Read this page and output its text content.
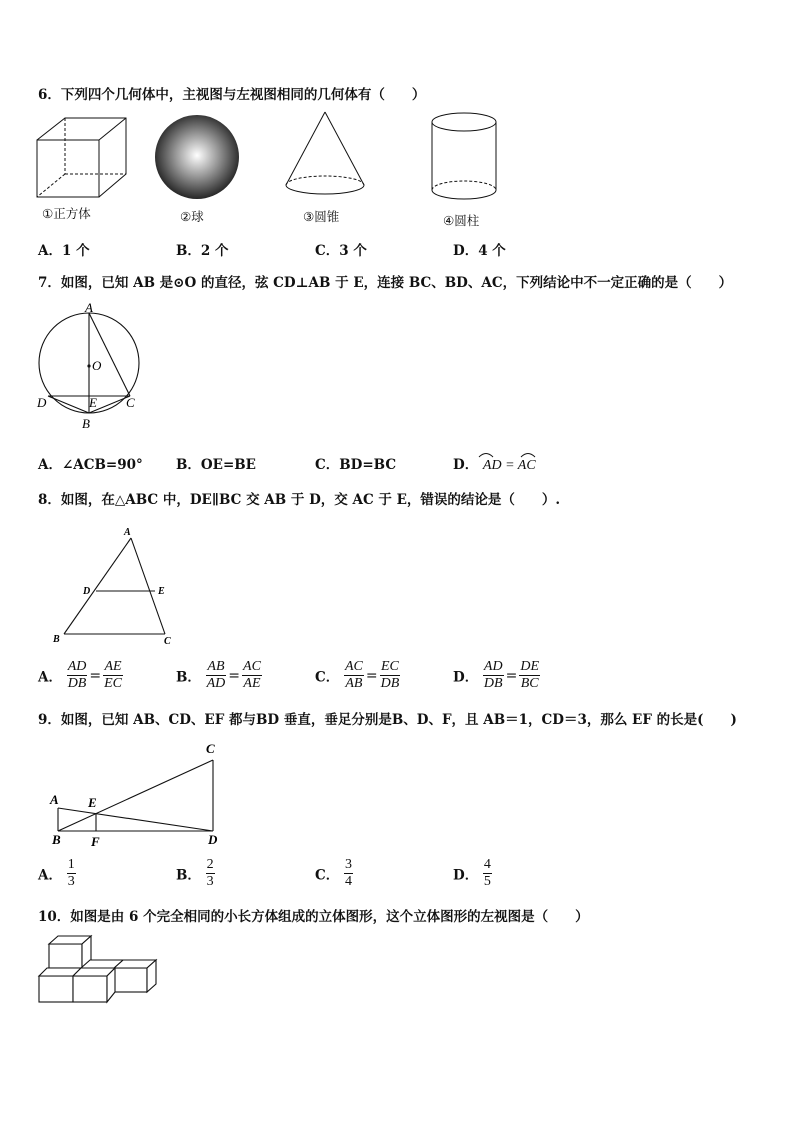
6．下列四个几何体中，主视图与左视图相同的几何体有（　　）
①正方体	②球	③圆锥	④圆柱
A．1 个	B．2 个	C．3 个	D．4 个
7．如图，已知 AB 是⊙O 的直径，弦 CD⊥AB 于 E，连接 BC、BD、AC，下列结论中不一定正确的是（　　）
A
O
D	E C
B
A．∠ACB=90° B．OE=BE	C．BD=BC	D． AD = AC
8．如图，在△ABC 中，DE∥BC 交 AB 于 D，交 AC 于 E，错误的结论是（　　）.
A
D	E
B	C
A． $\frac{AD}{DB} = \frac{AE}{EC}$	B． $\frac{AB}{AD} = \frac{AC}{AE}$	C． $\frac{AC}{AB} = \frac{EC}{DB}$	D． $\frac{AD}{DB} = \frac{DE}{BC}$
9．如图，已知 AB、CD、EF 都与BD 垂直，垂足分别是B、D、F，且 AB＝1，CD＝3，那么 EF 的长是(　　)
C
A E
B F	D
A． $\frac{1}{3}$	B． $\frac{2}{3}$	C． $\frac{3}{4}$	D． $\frac{4}{5}$
10．如图是由 6 个完全相同的小长方体组成的立体图形，这个立体图形的左视图是（　　）
